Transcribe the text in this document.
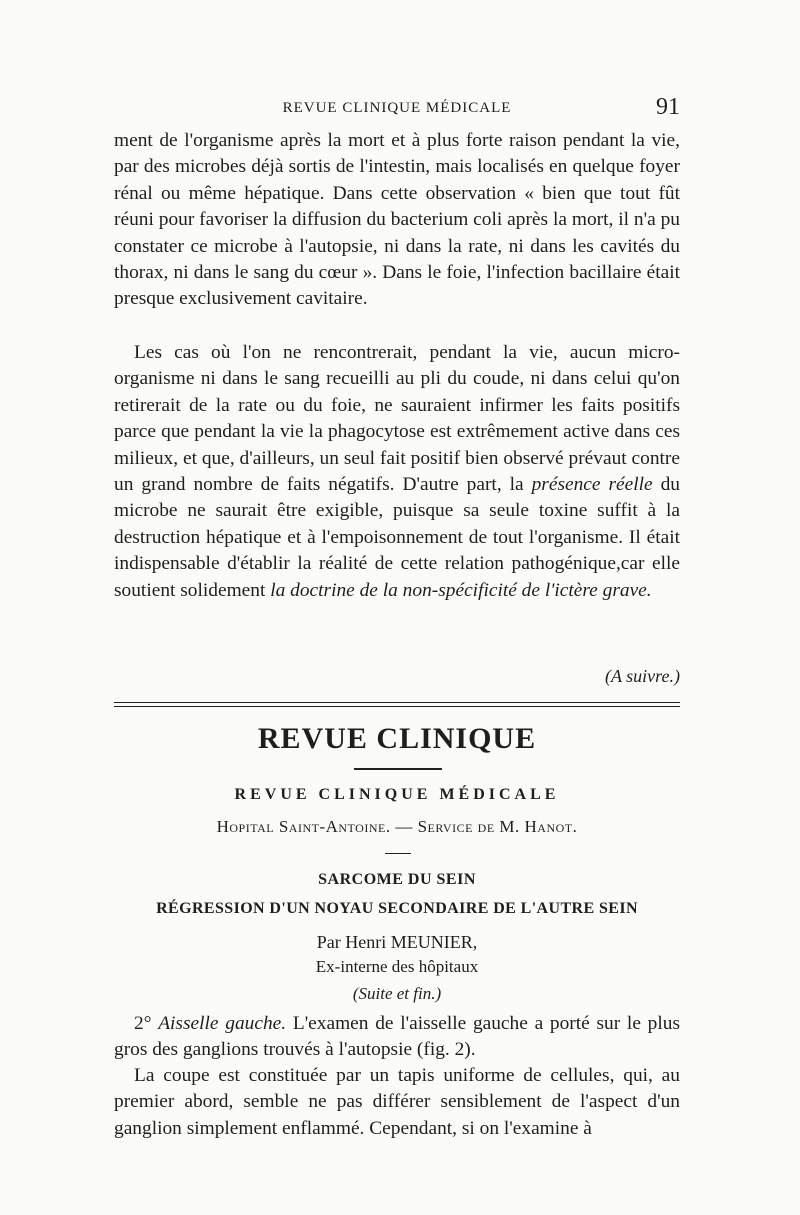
REVUE CLINIQUE MÉDICALE	91

ment de l'organisme après la mort et à plus forte raison pendant la vie, par des microbes déjà sortis de l'intestin, mais localisés en quelque foyer rénal ou même hépatique. Dans cette observation « bien que tout fût réuni pour favoriser la diffusion du bacterium coli après la mort, il n'a pu constater ce microbe à l'autopsie, ni dans la rate, ni dans les cavités du thorax, ni dans le sang du cœur ». Dans le foie, l'infection bacillaire était presque exclusivement cavitaire.

Les cas où l'on ne rencontrerait, pendant la vie, aucun micro-organisme ni dans le sang recueilli au pli du coude, ni dans celui qu'on retirerait de la rate ou du foie, ne sauraient infirmer les faits positifs parce que pendant la vie la phagocytose est extrêmement active dans ces milieux, et que, d'ailleurs, un seul fait positif bien observé prévaut contre un grand nombre de faits négatifs. D'autre part, la présence réelle du microbe ne saurait être exigible, puisque sa seule toxine suffit à la destruction hépatique et à l'empoisonnement de tout l'organisme. Il était indispensable d'établir la réalité de cette relation pathogénique,car elle soutient solidement la doctrine de la non-spécificité de l'ictère grave.

(A suivre.)
REVUE CLINIQUE
REVUE CLINIQUE MÉDICALE
Hopital Saint-Antoine. — Service de M. Hanot.
SARCOME DU SEIN
RÉGRESSION D'UN NOYAU SECONDAIRE DE L'AUTRE SEIN
Par Henri MEUNIER,
Ex-interne des hôpitaux
(Suite et fin.)

2° Aisselle gauche. L'examen de l'aisselle gauche a porté sur le plus gros des ganglions trouvés à l'autopsie (fig. 2).

La coupe est constituée par un tapis uniforme de cellules, qui, au premier abord, semble ne pas différer sensiblement de l'aspect d'un ganglion simplement enflammé. Cependant, si on l'examine à
